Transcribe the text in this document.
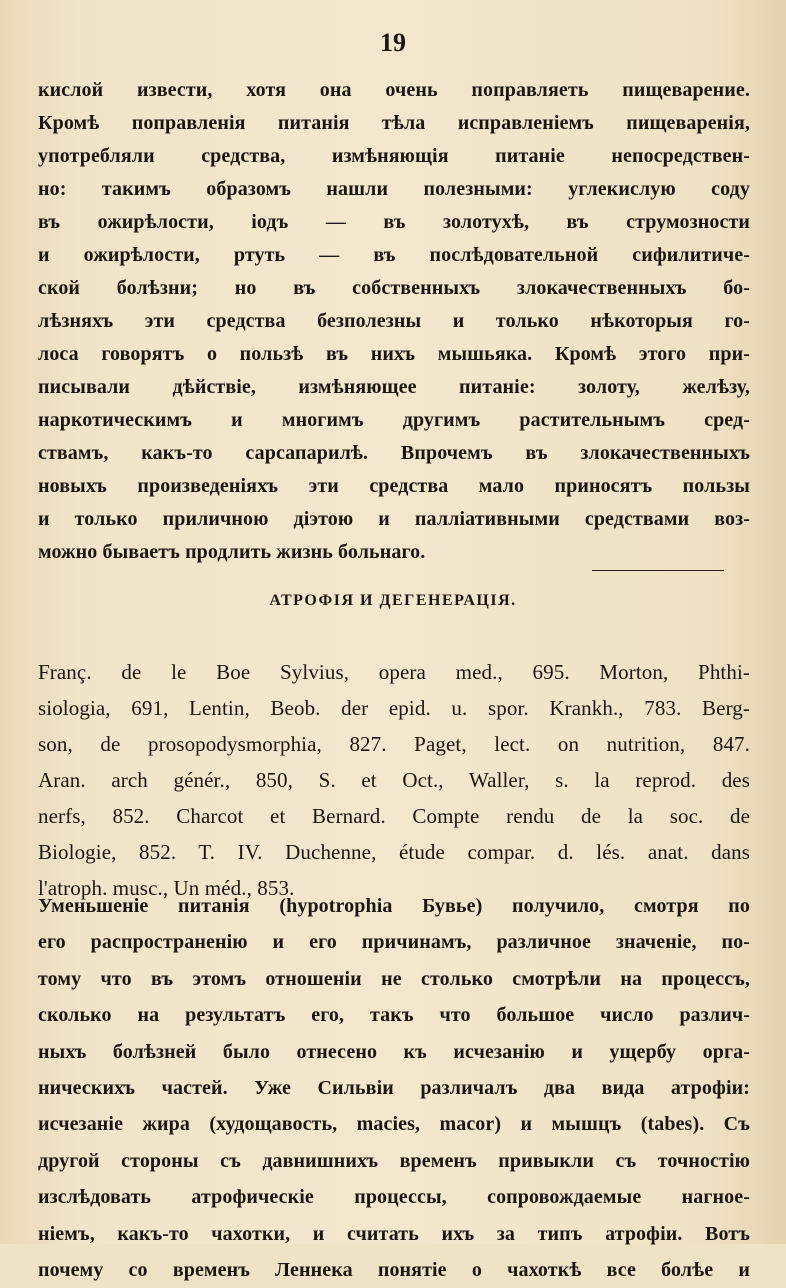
19
кислой извести, хотя она очень поправляеть пищеварение.
Кромѣ поправленія питанія тѣла исправленіемъ пищеваренія,
употребляли средства, измѣняющія питаніе непосредствен-
но: такимъ образомъ нашли полезными: углекислую соду
въ ожирѣлости, іодъ — въ золотухѣ, въ струмозности
и ожирѣлости, ртуть — въ послѣдовательной сифилитиче-
ской болѣзни; но въ собственныхъ злокачественныхъ бо-
лѣзняхъ эти средства безполезны и только нѣкоторыя го-
лоса говорятъ о пользѣ въ нихъ мышьяка. Кромѣ этого при-
писывали дѣйствіе, измѣняющее питаніе: золоту, желѣзу,
наркотическимъ и многимъ другимъ растительнымъ сред-
ствамъ, какъ-то сарсапарилѣ. Впрочемъ въ злокачественныхъ
новыхъ произведеніяхъ эти средства мало приносятъ пользы
и только приличною діэтою и паллiативными средствами воз-
можно бываетъ продлить жизнь больнаго.
АТРОФІЯ И ДЕГЕНЕРАЦІЯ.
Franç. de le Boe Sylvius, opera med., 695. Morton, Phthi-
siologia, 691, Lentin, Beob. der epid. u. spor. Krankh., 783. Berg-
son, de prosopodysmorphia, 827. Paget, lect. on nutrition, 847.
Aran. arch génér., 850, S. et Oct., Waller, s. la reprod. des
nerfs, 852. Charcot et Bernard. Compte rendu de la soc. de
Biologie, 852. T. IV. Duchenne, étude compar. d. lés. anat. dans
l'atroph. musc., Un méd., 853.
Уменьшеніе питанія (hypotrophia Бувье) получило, смотря по
его распространенію и его причинамъ, различное значеніе, по-
тому что въ этомъ отношеніи не столько смотрѣли на процессъ,
сколько на результатъ его, такъ что большое число различ-
ныхъ болѣзней было отнесено къ исчезанію и ущербу орга-
ническихъ частей. Уже Сильвіи различалъ два вида атрофіи:
исчезаніе жира (худощавость, macies, macor) и мышцъ (tabes). Съ
другой стороны съ давнишнихъ временъ привыкли съ точностію
изслѣдовать атрофическіе процессы, сопровождаемые нагное-
ніемъ, какъ-то чахотки, и считать ихъ за типъ атрофіи. Вотъ
почему со временъ Леннека понятіе о чахоткѣ все болѣе и
